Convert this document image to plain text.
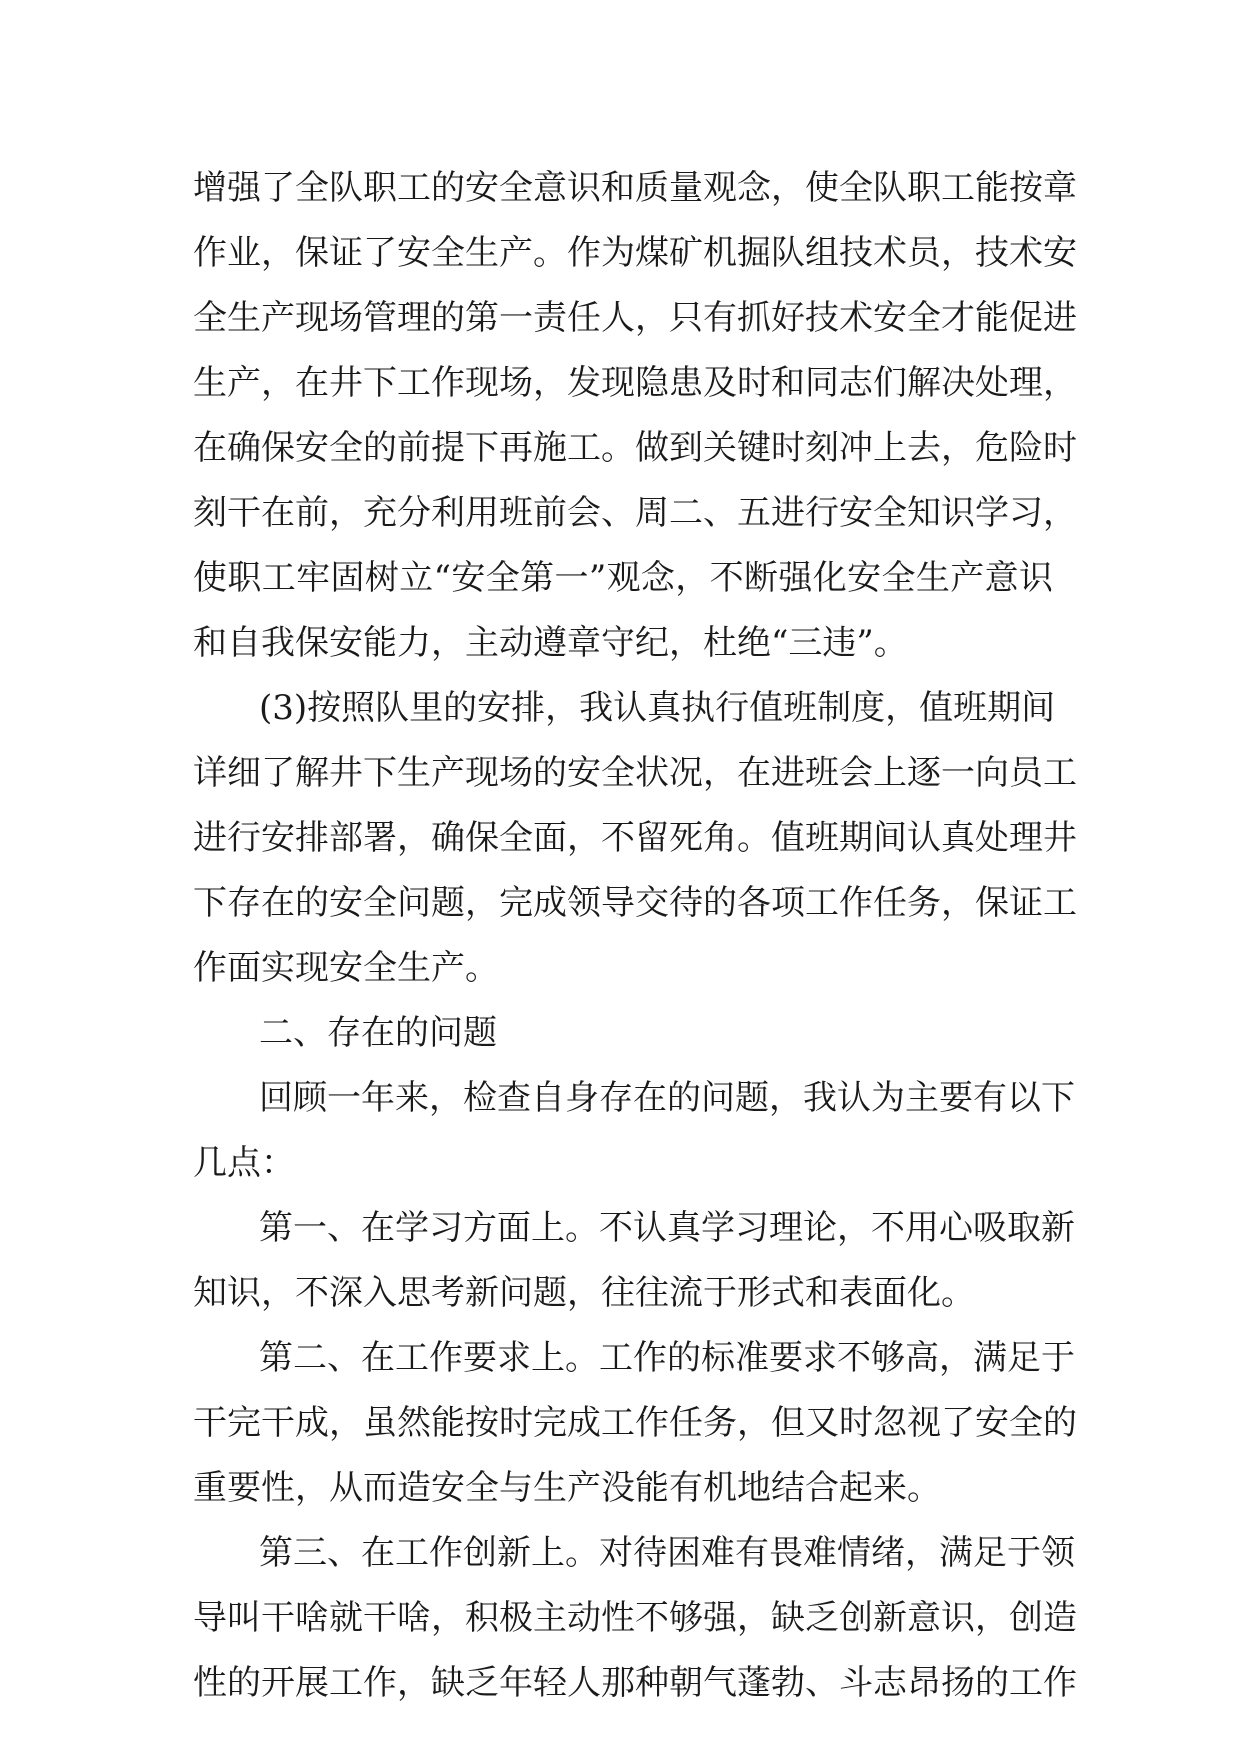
增强了全队职工的安全意识和质量观念，使全队职工能按章
作业，保证了安全生产。作为煤矿机掘队组技术员，技术安
全生产现场管理的第一责任人，只有抓好技术安全才能促进
生产，在井下工作现场，发现隐患及时和同志们解决处理，
在确保安全的前提下再施工。做到关键时刻冲上去，危险时
刻干在前，充分利用班前会、周二、五进行安全知识学习，
使职工牢固树立“安全第一”观念，不断强化安全生产意识
和自我保安能力，主动遵章守纪，杜绝“三违”。
(3)按照队里的安排，我认真执行值班制度，值班期间
详细了解井下生产现场的安全状况，在进班会上逐一向员工
进行安排部署，确保全面，不留死角。值班期间认真处理井
下存在的安全问题，完成领导交待的各项工作任务，保证工
作面实现安全生产。
二、存在的问题
回顾一年来，检查自身存在的问题，我认为主要有以下
几点：
第一、在学习方面上。不认真学习理论，不用心吸取新
知识，不深入思考新问题，往往流于形式和表面化。
第二、在工作要求上。工作的标准要求不够高，满足于
干完干成，虽然能按时完成工作任务，但又时忽视了安全的
重要性，从而造安全与生产没能有机地结合起来。
第三、在工作创新上。对待困难有畏难情绪，满足于领
导叫干啥就干啥，积极主动性不够强，缺乏创新意识，创造
性的开展工作，缺乏年轻人那种朝气蓬勃、斗志昂扬的工作
